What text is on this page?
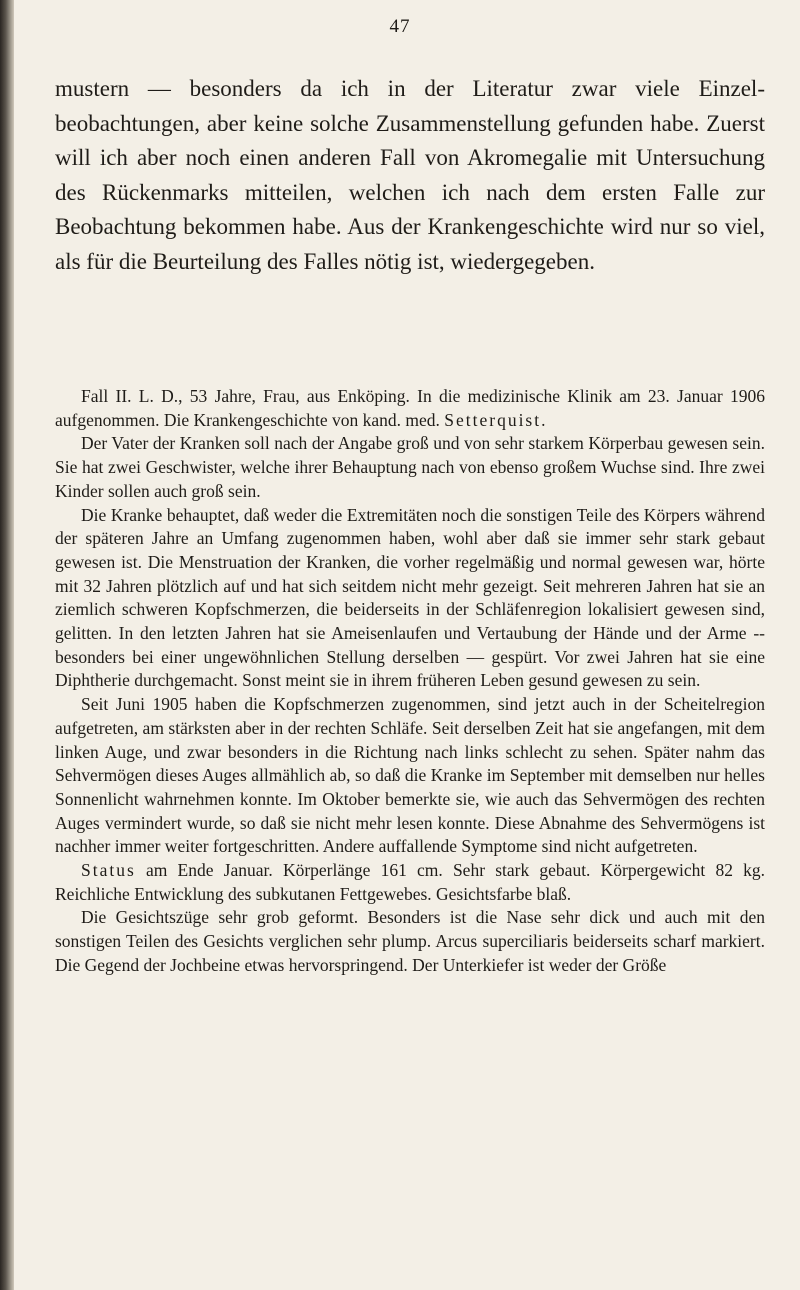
47

mustern — besonders da ich in der Literatur zwar viele Einzelbeobachtungen, aber keine solche Zusammenstellung gefunden habe. Zuerst will ich aber noch einen anderen Fall von Akromegalie mit Untersuchung des Rückenmarks mitteilen, welchen ich nach dem ersten Falle zur Beobachtung bekommen habe. Aus der Krankengeschichte wird nur so viel, als für die Beurteilung des Falles nötig ist, wiedergegeben.

Fall II. L. D., 53 Jahre, Frau, aus Enköping. In die medizinische Klinik am 23. Januar 1906 aufgenommen. Die Krankengeschichte von kand. med. Setterquist.

Der Vater der Kranken soll nach der Angabe groß und von sehr starkem Körperbau gewesen sein. Sie hat zwei Geschwister, welche ihrer Behauptung nach von ebenso großem Wuchse sind. Ihre zwei Kinder sollen auch groß sein.

Die Kranke behauptet, daß weder die Extremitäten noch die sonstigen Teile des Körpers während der späteren Jahre an Umfang zugenommen haben, wohl aber daß sie immer sehr stark gebaut gewesen ist. Die Menstruation der Kranken, die vorher regelmäßig und normal gewesen war, hörte mit 32 Jahren plötzlich auf und hat sich seitdem nicht mehr gezeigt. Seit mehreren Jahren hat sie an ziemlich schweren Kopfschmerzen, die beiderseits in der Schläfenregion lokalisiert gewesen sind, gelitten. In den letzten Jahren hat sie Ameisenlaufen und Vertaubung der Hände und der Arme -- besonders bei einer ungewöhnlichen Stellung derselben — gespürt. Vor zwei Jahren hat sie eine Diphtherie durchgemacht. Sonst meint sie in ihrem früheren Leben gesund gewesen zu sein.

Seit Juni 1905 haben die Kopfschmerzen zugenommen, sind jetzt auch in der Scheitelregion aufgetreten, am stärksten aber in der rechten Schläfe. Seit derselben Zeit hat sie angefangen, mit dem linken Auge, und zwar besonders in die Richtung nach links schlecht zu sehen. Später nahm das Sehvermögen dieses Auges allmählich ab, so daß die Kranke im September mit demselben nur helles Sonnenlicht wahrnehmen konnte. Im Oktober bemerkte sie, wie auch das Sehvermögen des rechten Auges vermindert wurde, so daß sie nicht mehr lesen konnte. Diese Abnahme des Sehvermögens ist nachher immer weiter fortgeschritten. Andere auffallende Symptome sind nicht aufgetreten.

Status am Ende Januar. Körperlänge 161 cm. Sehr stark gebaut. Körpergewicht 82 kg. Reichliche Entwicklung des subkutanen Fettgewebes. Gesichtsfarbe blaß.

Die Gesichtszüge sehr grob geformt. Besonders ist die Nase sehr dick und auch mit den sonstigen Teilen des Gesichts verglichen sehr plump. Arcus superciliaris beiderseits scharf markiert. Die Gegend der Jochbeine etwas hervorspringend. Der Unterkiefer ist weder der Größe
